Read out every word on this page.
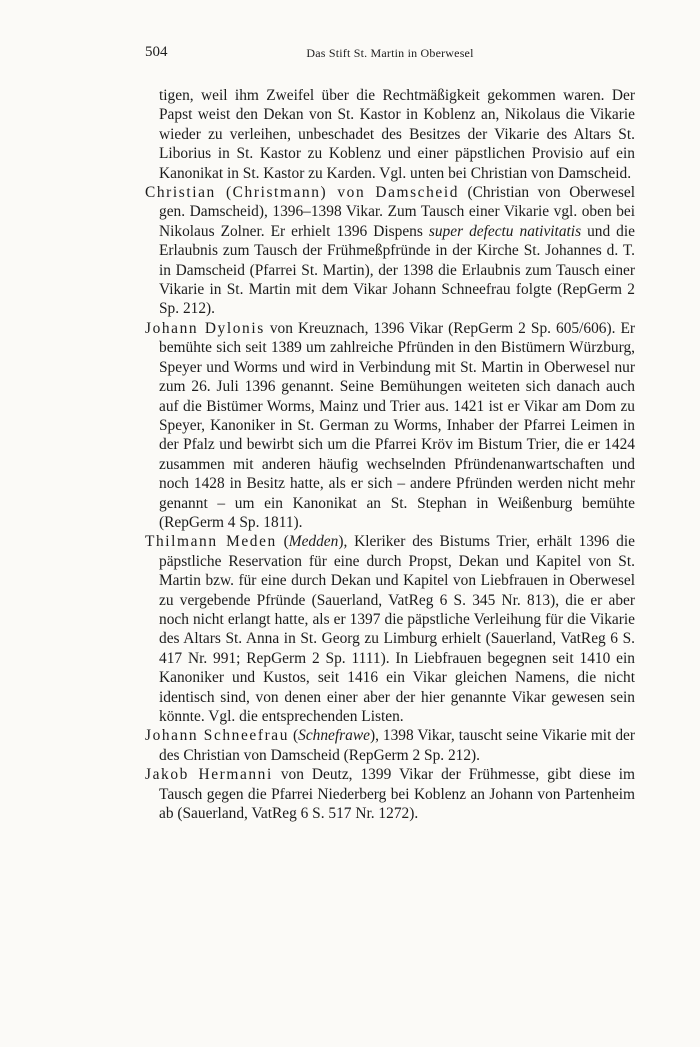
504	Das Stift St. Martin in Oberwesel

tigen, weil ihm Zweifel über die Rechtmäßigkeit gekommen waren. Der Papst weist den Dekan von St. Kastor in Koblenz an, Nikolaus die Vikarie wieder zu verleihen, unbeschadet des Besitzes der Vikarie des Altars St. Liborius in St. Kastor zu Koblenz und einer päpstlichen Provisio auf ein Kanonikat in St. Kastor zu Karden. Vgl. unten bei Christian von Damscheid.

Christian (Christmann) von Damscheid (Christian von Oberwesel gen. Damscheid), 1396–1398 Vikar. Zum Tausch einer Vikarie vgl. oben bei Nikolaus Zolner. Er erhielt 1396 Dispens super defectu nativitatis und die Erlaubnis zum Tausch der Frühmeßpfründe in der Kirche St. Johannes d. T. in Damscheid (Pfarrei St. Martin), der 1398 die Erlaubnis zum Tausch einer Vikarie in St. Martin mit dem Vikar Johann Schneefrau folgte (RepGerm 2 Sp. 212).

Johann Dylonis von Kreuznach, 1396 Vikar (RepGerm 2 Sp. 605/606). Er bemühte sich seit 1389 um zahlreiche Pfründen in den Bistümern Würzburg, Speyer und Worms und wird in Verbindung mit St. Martin in Oberwesel nur zum 26. Juli 1396 genannt. Seine Bemühungen weiteten sich danach auch auf die Bistümer Worms, Mainz und Trier aus. 1421 ist er Vikar am Dom zu Speyer, Kanoniker in St. German zu Worms, Inhaber der Pfarrei Leimen in der Pfalz und bewirbt sich um die Pfarrei Kröv im Bistum Trier, die er 1424 zusammen mit anderen häufig wechselnden Pfründenanwartschaften und noch 1428 in Besitz hatte, als er sich – andere Pfründen werden nicht mehr genannt – um ein Kanonikat an St. Stephan in Weißenburg bemühte (RepGerm 4 Sp. 1811).

Thilmann Meden (Medden), Kleriker des Bistums Trier, erhält 1396 die päpstliche Reservation für eine durch Propst, Dekan und Kapitel von St. Martin bzw. für eine durch Dekan und Kapitel von Liebfrauen in Oberwesel zu vergebende Pfründe (Sauerland, VatReg 6 S. 345 Nr. 813), die er aber noch nicht erlangt hatte, als er 1397 die päpstliche Verleihung für die Vikarie des Altars St. Anna in St. Georg zu Limburg erhielt (Sauerland, VatReg 6 S. 417 Nr. 991; RepGerm 2 Sp. 1111). In Liebfrauen begegnen seit 1410 ein Kanoniker und Kustos, seit 1416 ein Vikar gleichen Namens, die nicht identisch sind, von denen einer aber der hier genannte Vikar gewesen sein könnte. Vgl. die entsprechenden Listen.

Johann Schneefrau (Schnefrawe), 1398 Vikar, tauscht seine Vikarie mit der des Christian von Damscheid (RepGerm 2 Sp. 212).

Jakob Hermanni von Deutz, 1399 Vikar der Frühmesse, gibt diese im Tausch gegen die Pfarrei Niederberg bei Koblenz an Johann von Partenheim ab (Sauerland, VatReg 6 S. 517 Nr. 1272).
